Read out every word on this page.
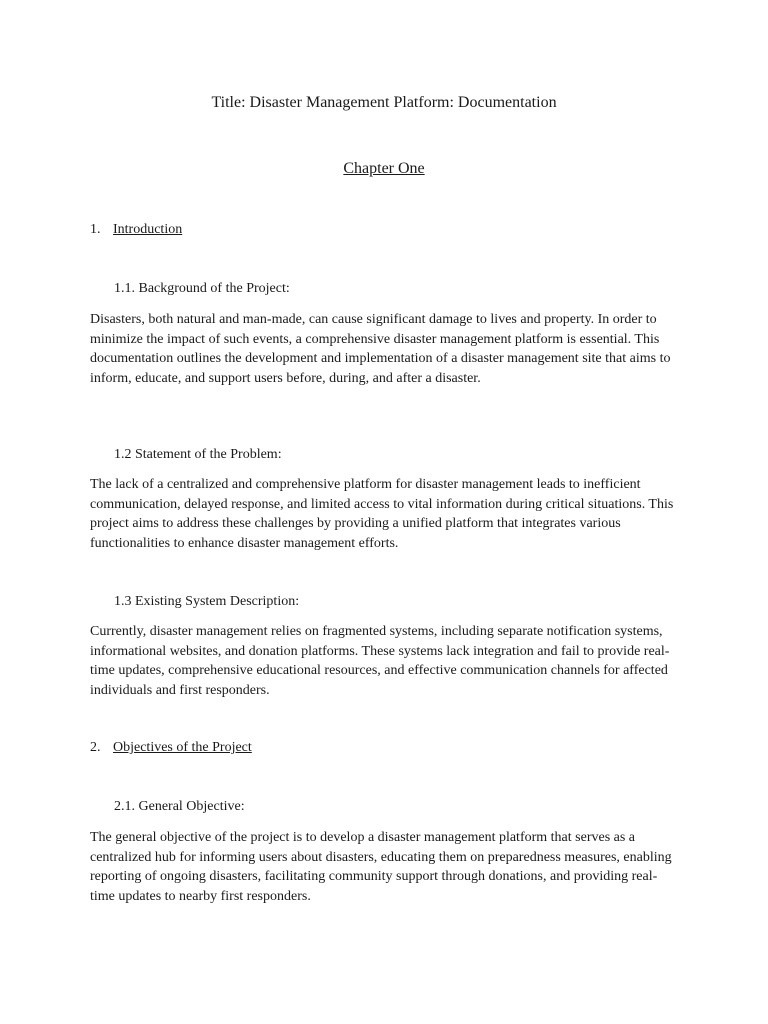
Title: Disaster Management Platform: Documentation
Chapter One
1. Introduction
1.1. Background of the Project:

Disasters, both natural and man-made, can cause significant damage to lives and property. In order to minimize the impact of such events, a comprehensive disaster management platform is essential. This documentation outlines the development and implementation of a disaster management site that aims to inform, educate, and support users before, during, and after a disaster.

1.2 Statement of the Problem:

The lack of a centralized and comprehensive platform for disaster management leads to inefficient communication, delayed response, and limited access to vital information during critical situations. This project aims to address these challenges by providing a unified platform that integrates various functionalities to enhance disaster management efforts.

1.3 Existing System Description:

Currently, disaster management relies on fragmented systems, including separate notification systems, informational websites, and donation platforms. These systems lack integration and fail to provide real-time updates, comprehensive educational resources, and effective communication channels for affected individuals and first responders.

2. Objectives of the Project
2.1. General Objective:

The general objective of the project is to develop a disaster management platform that serves as a centralized hub for informing users about disasters, educating them on preparedness measures, enabling reporting of ongoing disasters, facilitating community support through donations, and providing real-time updates to nearby first responders.
